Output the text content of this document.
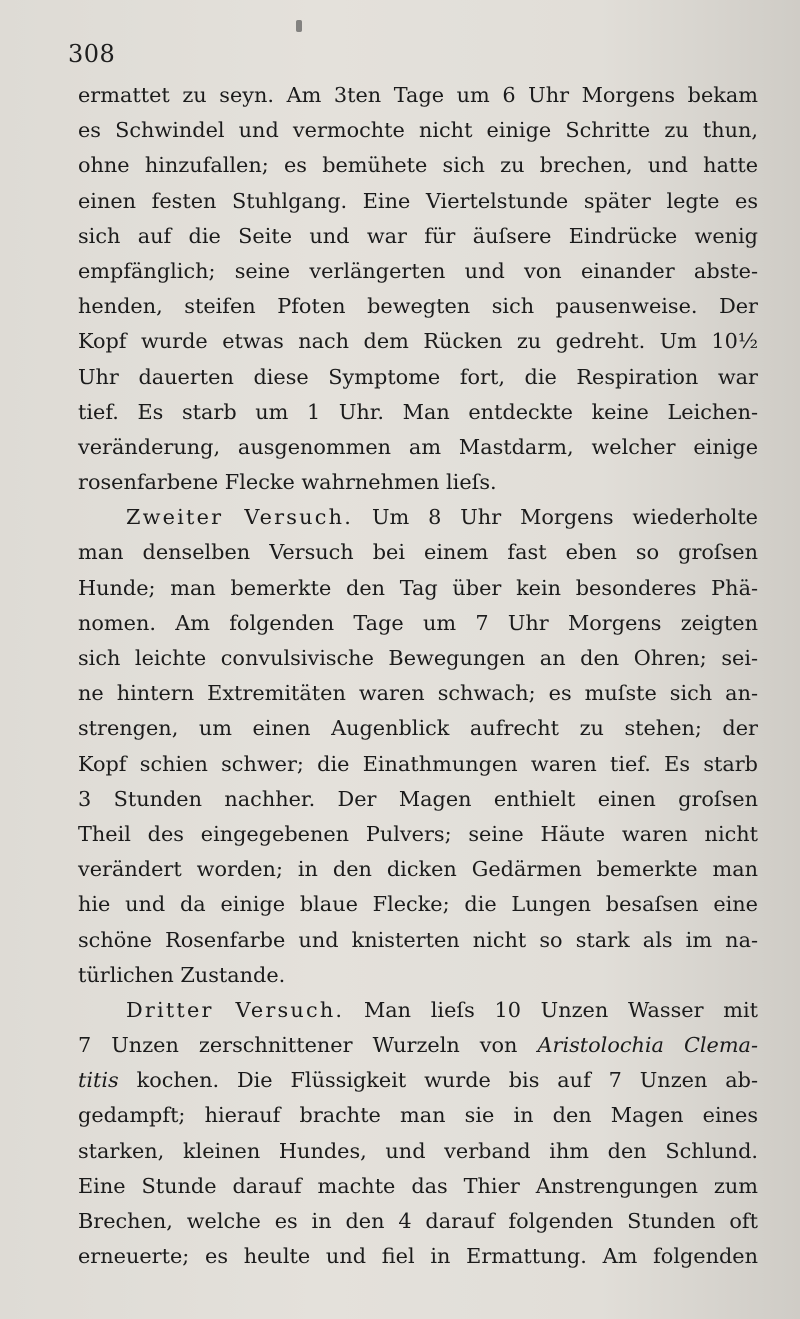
308
ermattet zu seyn. Am 3ten Tage um 6 Uhr Morgens bekam
es Schwindel und vermochte nicht einige Schritte zu thun,
ohne hinzufallen; es bemühete sich zu brechen, und hatte
einen festen Stuhlgang. Eine Viertelstunde später legte es
sich auf die Seite und war für äuſsere Eindrücke wenig
empfänglich; seine verlängerten und von einander abste-
henden, steifen Pfoten bewegten sich pausenweise. Der
Kopf wurde etwas nach dem Rücken zu gedreht. Um 10½
Uhr dauerten diese Symptome fort, die Respiration war
tief. Es starb um 1 Uhr. Man entdeckte keine Leichen-
veränderung, ausgenommen am Mastdarm, welcher einige
rosenfarbene Flecke wahrnehmen lieſs.
Zweiter Versuch. Um 8 Uhr Morgens wiederholte
man denselben Versuch bei einem fast eben so groſsen
Hunde; man bemerkte den Tag über kein besonderes Phä-
nomen. Am folgenden Tage um 7 Uhr Morgens zeigten
sich leichte convulsivische Bewegungen an den Ohren; sei-
ne hintern Extremitäten waren schwach; es muſste sich an-
strengen, um einen Augenblick aufrecht zu stehen; der
Kopf schien schwer; die Einathmungen waren tief. Es starb
3 Stunden nachher. Der Magen enthielt einen groſsen
Theil des eingegebenen Pulvers; seine Häute waren nicht
verändert worden; in den dicken Gedärmen bemerkte man
hie und da einige blaue Flecke; die Lungen besaſsen eine
schöne Rosenfarbe und knisterten nicht so stark als im na-
türlichen Zustande.
Dritter Versuch. Man lieſs 10 Unzen Wasser mit
7 Unzen zerschnittener Wurzeln von Aristolochia Clema-
titis kochen. Die Flüssigkeit wurde bis auf 7 Unzen ab-
gedampft; hierauf brachte man sie in den Magen eines
starken, kleinen Hundes, und verband ihm den Schlund.
Eine Stunde darauf machte das Thier Anstrengungen zum
Brechen, welche es in den 4 darauf folgenden Stunden oft
erneuerte; es heulte und fiel in Ermattung. Am folgenden
